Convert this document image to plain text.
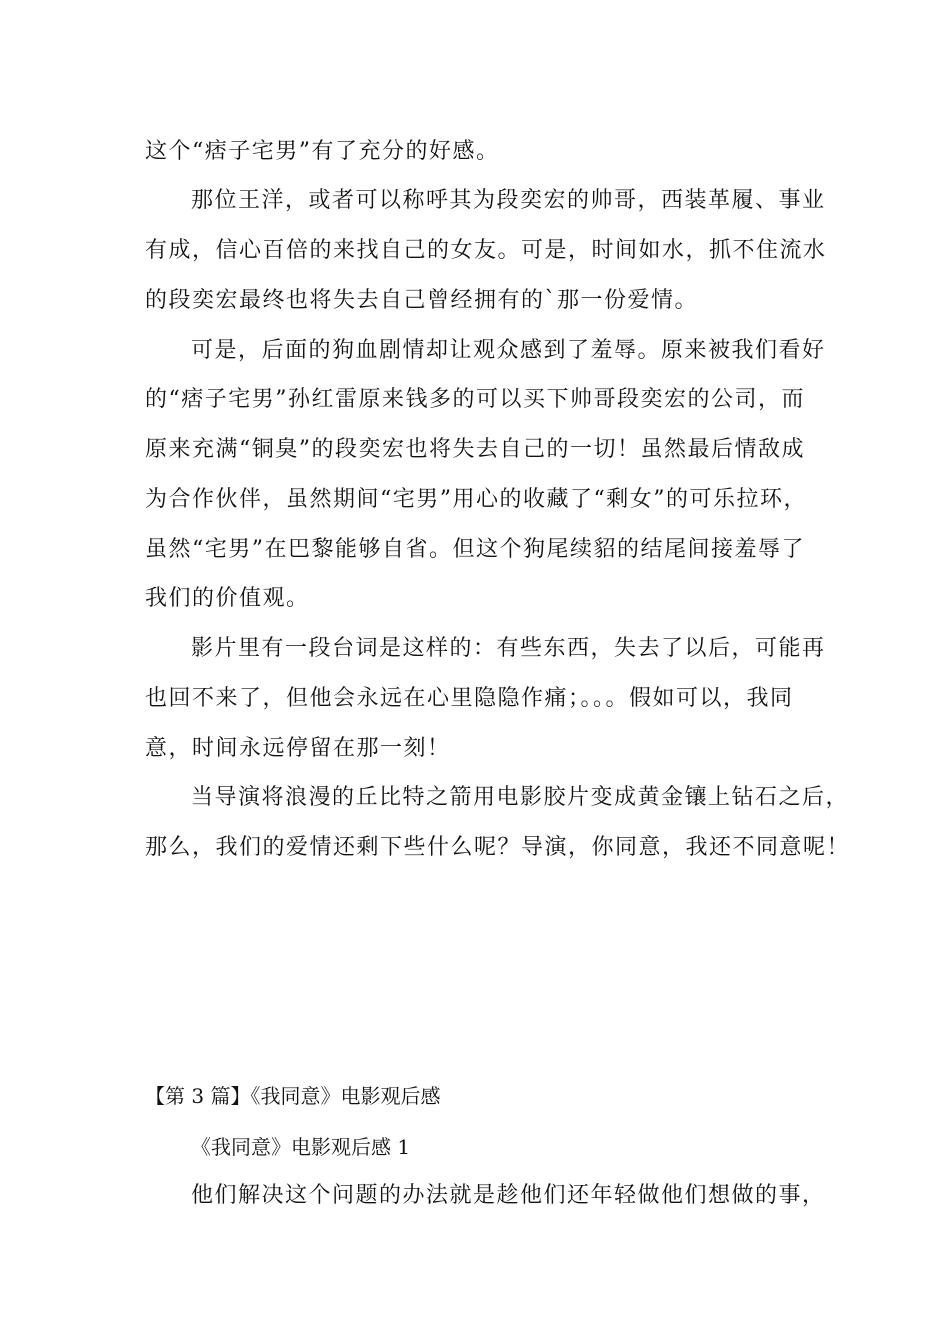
这个“痞子宅男”有了充分的好感。
那位王洋，或者可以称呼其为段奕宏的帅哥，西装革履、事业
有成，信心百倍的来找自己的女友。可是，时间如水，抓不住流水
的段奕宏最终也将失去自己曾经拥有的`那一份爱情。
可是，后面的狗血剧情却让观众感到了羞辱。原来被我们看好
的“痞子宅男”孙红雷原来钱多的可以买下帅哥段奕宏的公司，而
原来充满“铜臭”的段奕宏也将失去自己的一切！虽然最后情敌成
为合作伙伴，虽然期间“宅男”用心的收藏了“剩女”的可乐拉环，
虽然“宅男”在巴黎能够自省。但这个狗尾续貂的结尾间接羞辱了
我们的价值观。
影片里有一段台词是这样的：有些东西，失去了以后，可能再
也回不来了，但他会永远在心里隐隐作痛；。。。假如可以，我同
意，时间永远停留在那一刻！
当导演将浪漫的丘比特之箭用电影胶片变成黄金镶上钻石之后，
那么，我们的爱情还剩下些什么呢？导演，你同意，我还不同意呢！
【第 3 篇】《我同意》电影观后感
《我同意》电影观后感 1
他们解决这个问题的办法就是趁他们还年轻做他们想做的事，
